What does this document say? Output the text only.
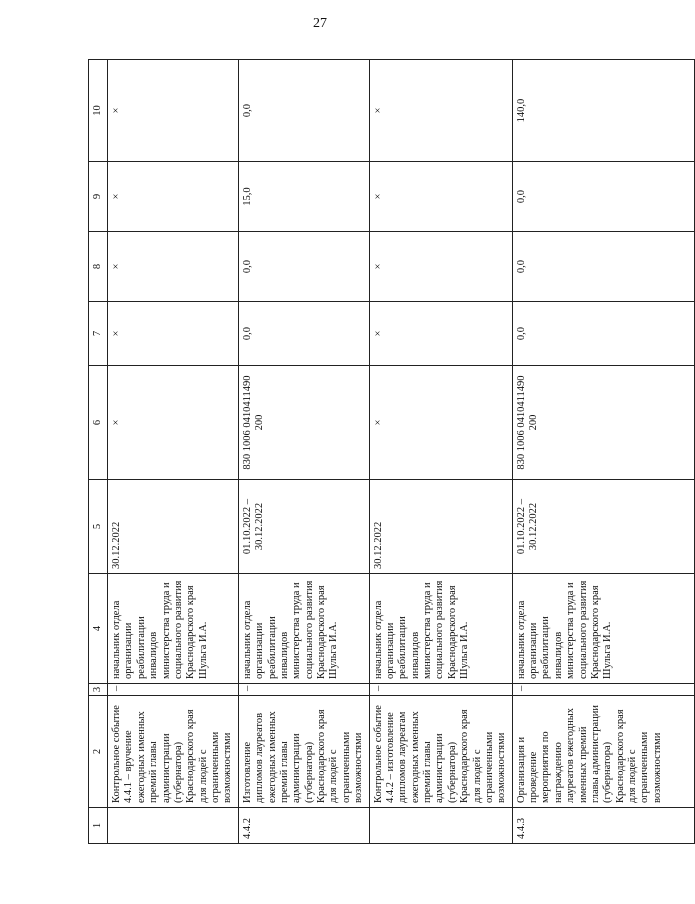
27
1	2	3	4	5	6	7	8	9	10
	Контрольное событие 4.4.1 – вручение ежегодных именных премий главы администрации (губернатора) Краснодарского края для людей с ограниченными возможностями	–	начальник отдела организации реабилитации инвалидов министерства труда и социального развития Краснодарского края Шульга И.А.	30.12.2022	×	×	×	×	×
4.4.2	Изготовление дипломов лауреатов ежегодных именных премий главы администрации (губернатора) Краснодарского края для людей с ограниченными возможностями	–	начальник отдела организации реабилитации инвалидов министерства труда и социального развития Краснодарского края Шульга И.А.	01.10.2022 – 30.12.2022	830 1006 0410411490 200	0,0	0,0	15,0	0,0
	Контрольное событие 4.4.2 – изготовление дипломов лауреатам ежегодных именных премий главы администрации (губернатора) Краснодарского края для людей с ограниченными возможностями	–	начальник отдела организации реабилитации инвалидов министерства труда и социального развития Краснодарского края Шульга И.А.	30.12.2022	×	×	×	×	×
4.4.3	Организация и проведение мероприятия по награждению лауреатов ежегодных именных премий главы администрации (губернатора) Краснодарского края для людей с ограниченными возможностями	–	начальник отдела организации реабилитации инвалидов министерства труда и социального развития Краснодарского края Шульга И.А.	01.10.2022 – 30.12.2022	830 1006 0410411490 200	0,0	0,0	0,0	140,0
